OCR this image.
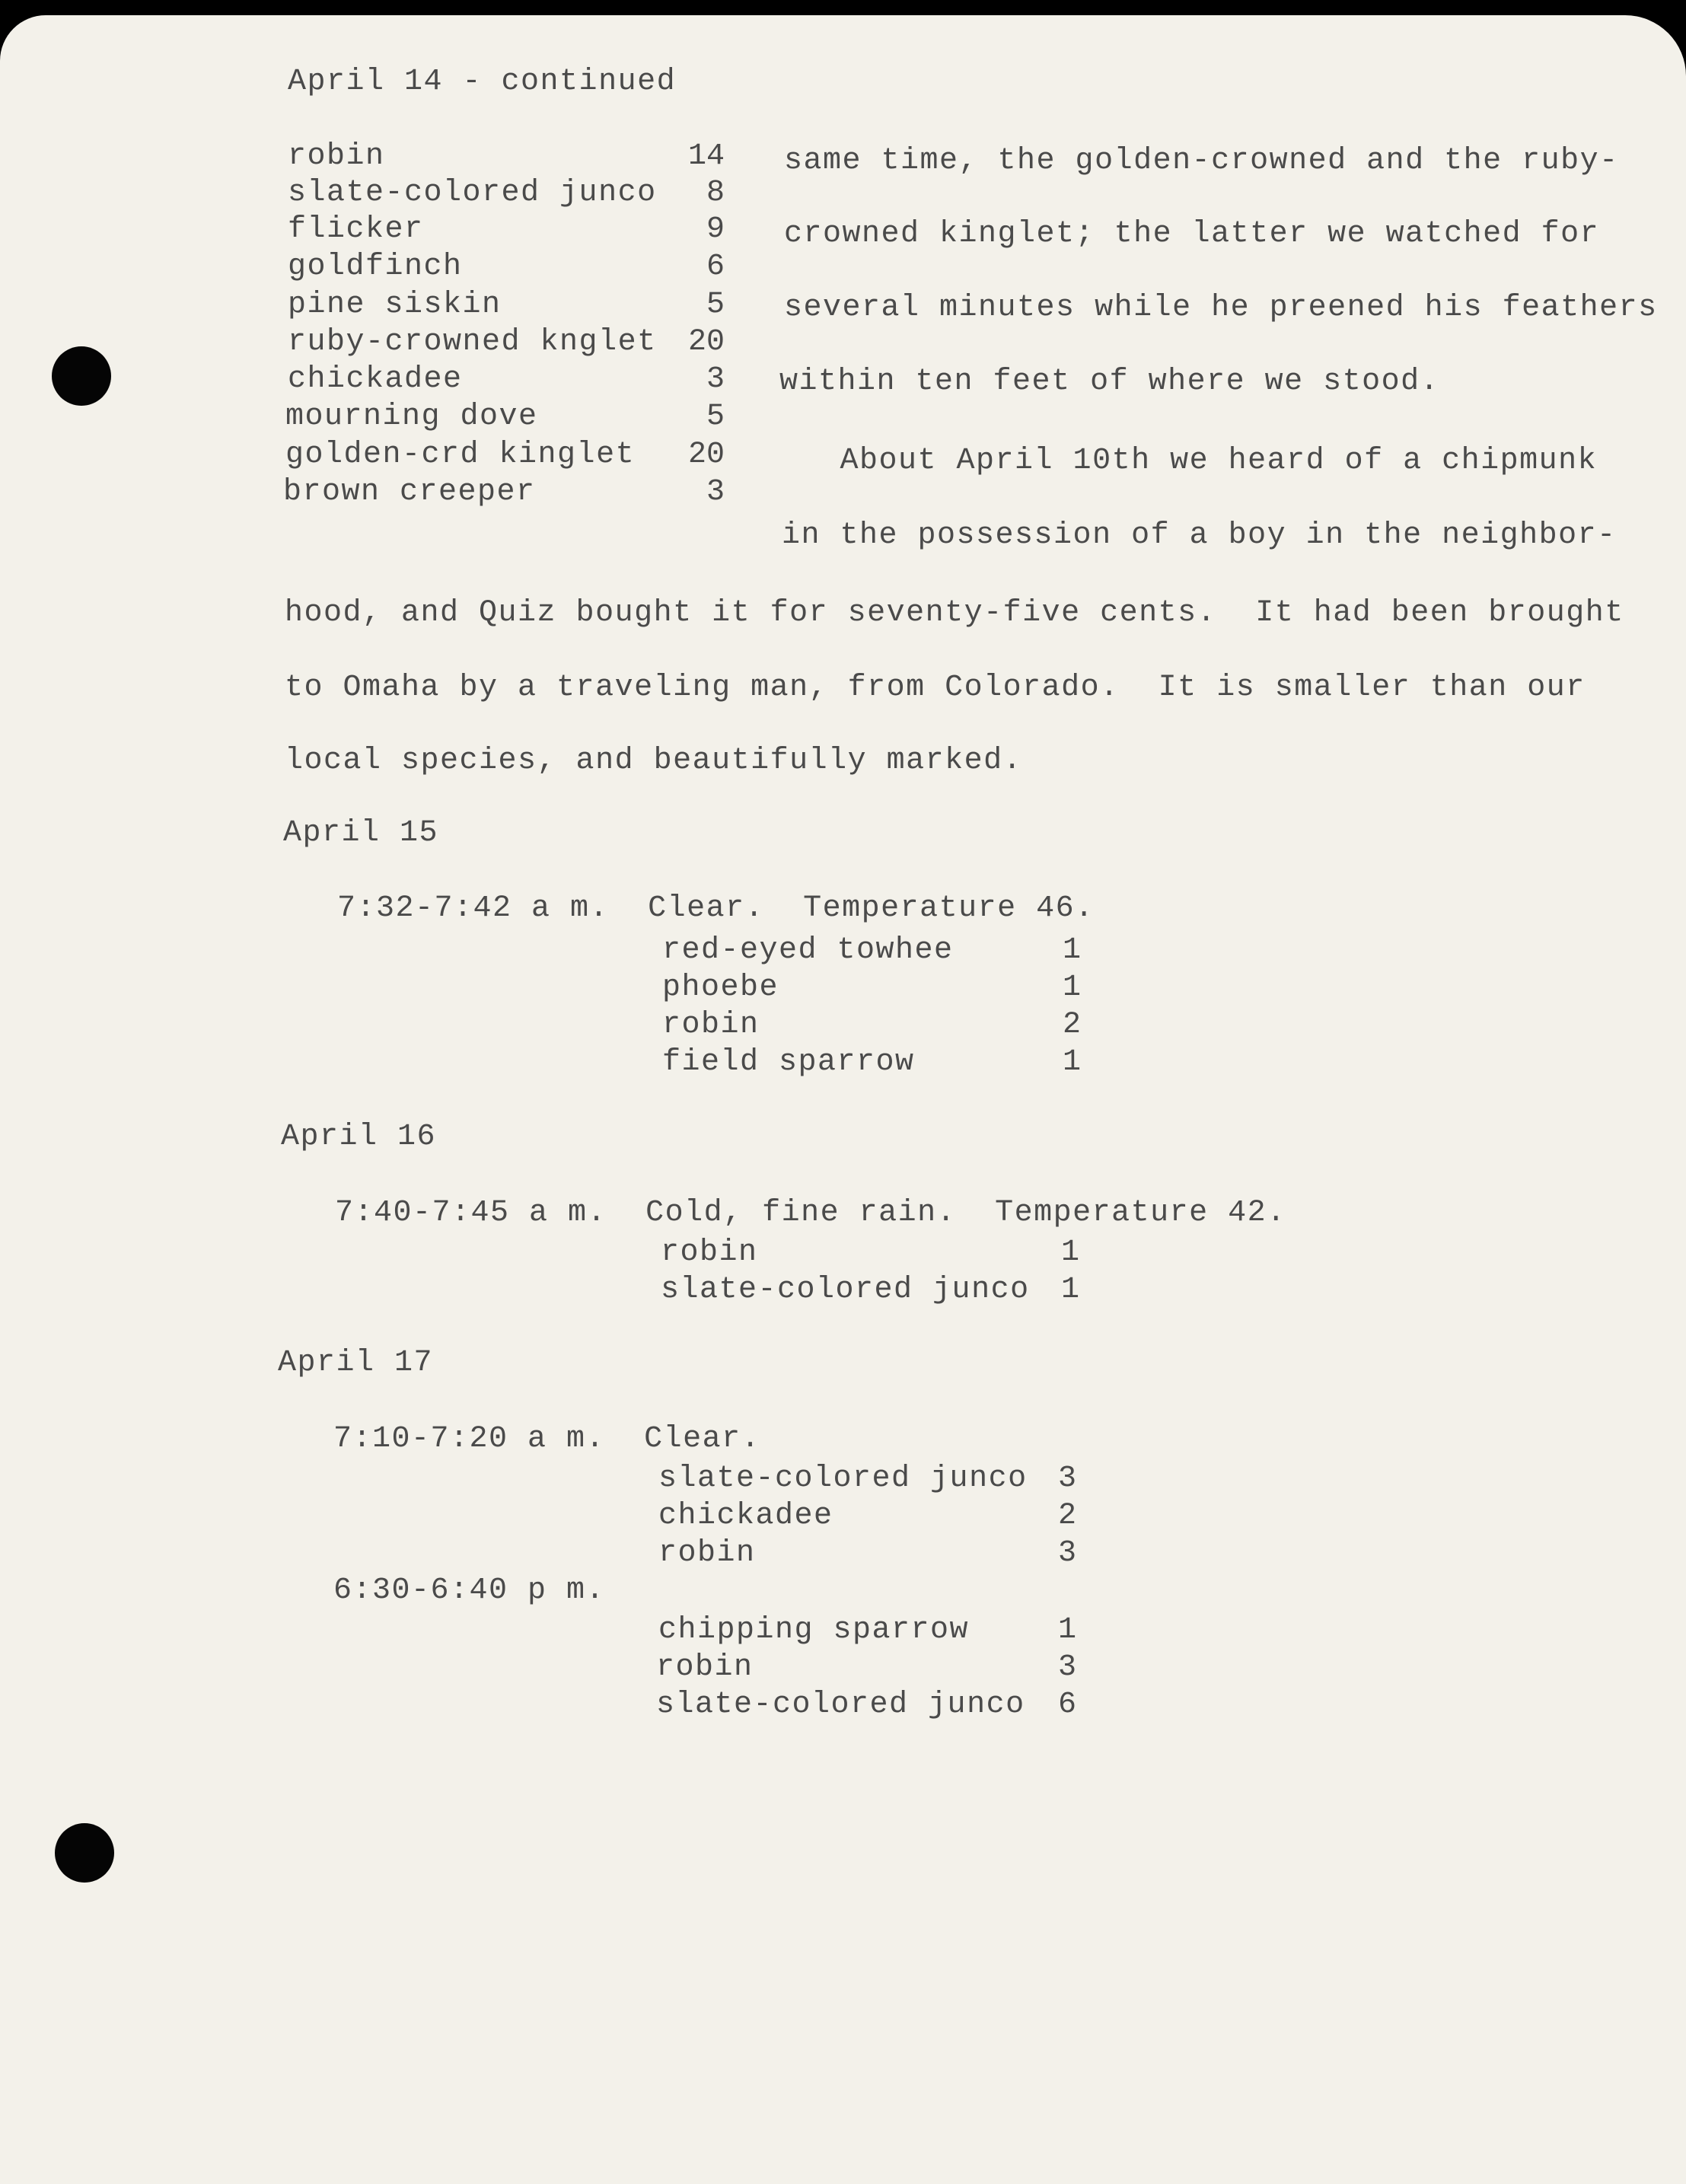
April 14 - continued
robin	14
slate-colored junco	8
flicker	9
goldfinch	6
pine siskin	5
ruby-crowned knglet	20
chickadee	3
mourning dove	5
golden-crd kinglet	20
brown creeper	3
same time, the golden-crowned and the ruby-
crowned kinglet; the latter we watched for
several minutes while he preened his feathers
within ten feet of where we stood.
About April 10th we heard of a chipmunk
in the possession of a boy in the neighbor-
hood, and Quiz bought it for seventy-five cents.  It had been brought
to Omaha by a traveling man, from Colorado.  It is smaller than our
local species, and beautifully marked.
April 15
7:32-7:42 a m.  Clear.  Temperature 46.
red-eyed towhee	1
phoebe	1
robin	2
field sparrow	1
April 16
7:40-7:45 a m.  Cold, fine rain.  Temperature 42.
robin	1
slate-colored junco	1
April 17
7:10-7:20 a m.  Clear.
slate-colored junco	3
chickadee	2
robin	3
6:30-6:40 p m.
chipping sparrow	1
robin	3
slate-colored junco	6
